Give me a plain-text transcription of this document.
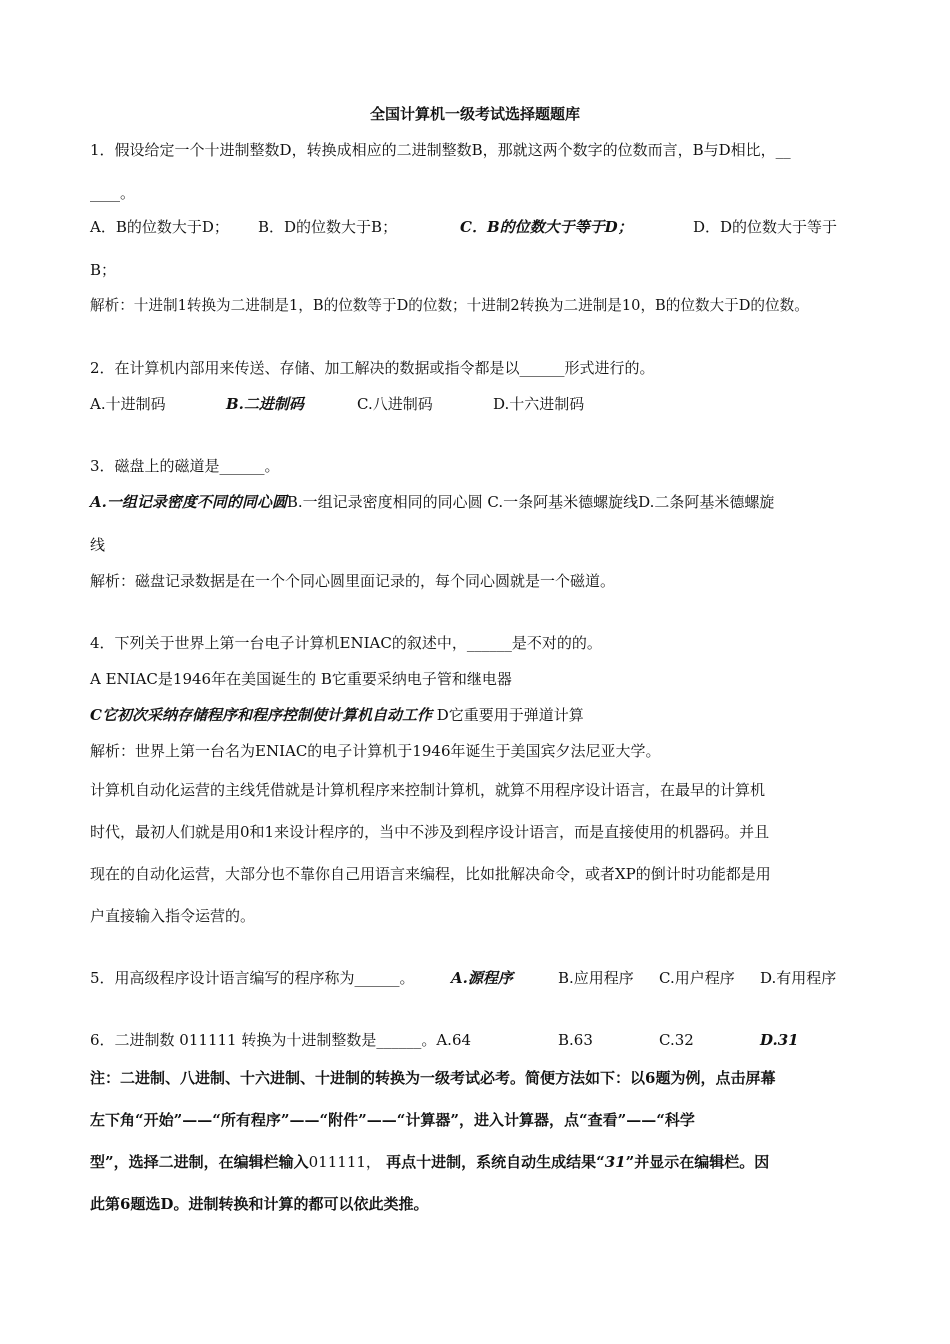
全国计算机一级考试选择题题库
1．假设给定一个十进制整数D，转换成相应的二进制整数B，那就这两个数字的位数而言，B与D相比，__
____。
A．B的位数大于D； B．D的位数大于B；	C．B的位数大于等于D；	D．D的位数大于等于
B；
解析：十进制1转换为二进制是1，B的位数等于D的位数；十进制2转换为二进制是10，B的位数大于D的位数。
2．在计算机内部用来传送、存储、加工解决的数据或指令都是以______形式进行的。
A.十进制码	B.二进制码	C.八进制码	D.十六进制码
3．磁盘上的磁道是______。
A.一组记录密度不同的同心圆B.一组记录密度相同的同心圆 C.一条阿基米德螺旋线D.二条阿基米德螺旋
线
解析：磁盘记录数据是在一个个同心圆里面记录的，每个同心圆就是一个磁道。
4．下列关于世界上第一台电子计算机ENIAC的叙述中，______是不对的的。
A ENIAC是1946年在美国诞生的 B它重要采纳电子管和继电器
C它初次采纳存储程序和程序控制使计算机自动工作 D它重要用于弹道计算
解析：世界上第一台名为ENIAC的电子计算机于1946年诞生于美国宾夕法尼亚大学。
计算机自动化运营的主线凭借就是计算机程序来控制计算机，就算不用程序设计语言，在最早的计算机
时代，最初人们就是用0和1来设计程序的，当中不涉及到程序设计语言，而是直接使用的机器码。并且
现在的自动化运营，大部分也不靠你自己用语言来编程，比如批解决命令，或者XP的倒计时功能都是用
户直接输入指令运营的。
5．用高级程序设计语言编写的程序称为______。 A.源程序	B.应用程序 C.用户程序 D.有用程序
6．二进制数 011111 转换为十进制整数是______。A.64	B.63	C.32	D.31
注：二进制、八进制、十六进制、十进制的转换为一级考试必考。简便方法如下：以6题为例，点击屏幕
左下角“开始”——“所有程序”——“附件”——“计算器”，进入计算器，点“查看”——“科学
型”，选择二进制，在编辑栏输入011111， 再点十进制，系统自动生成结果“31”并显示在编辑栏。因
此第6题选D。进制转换和计算的都可以依此类推。
